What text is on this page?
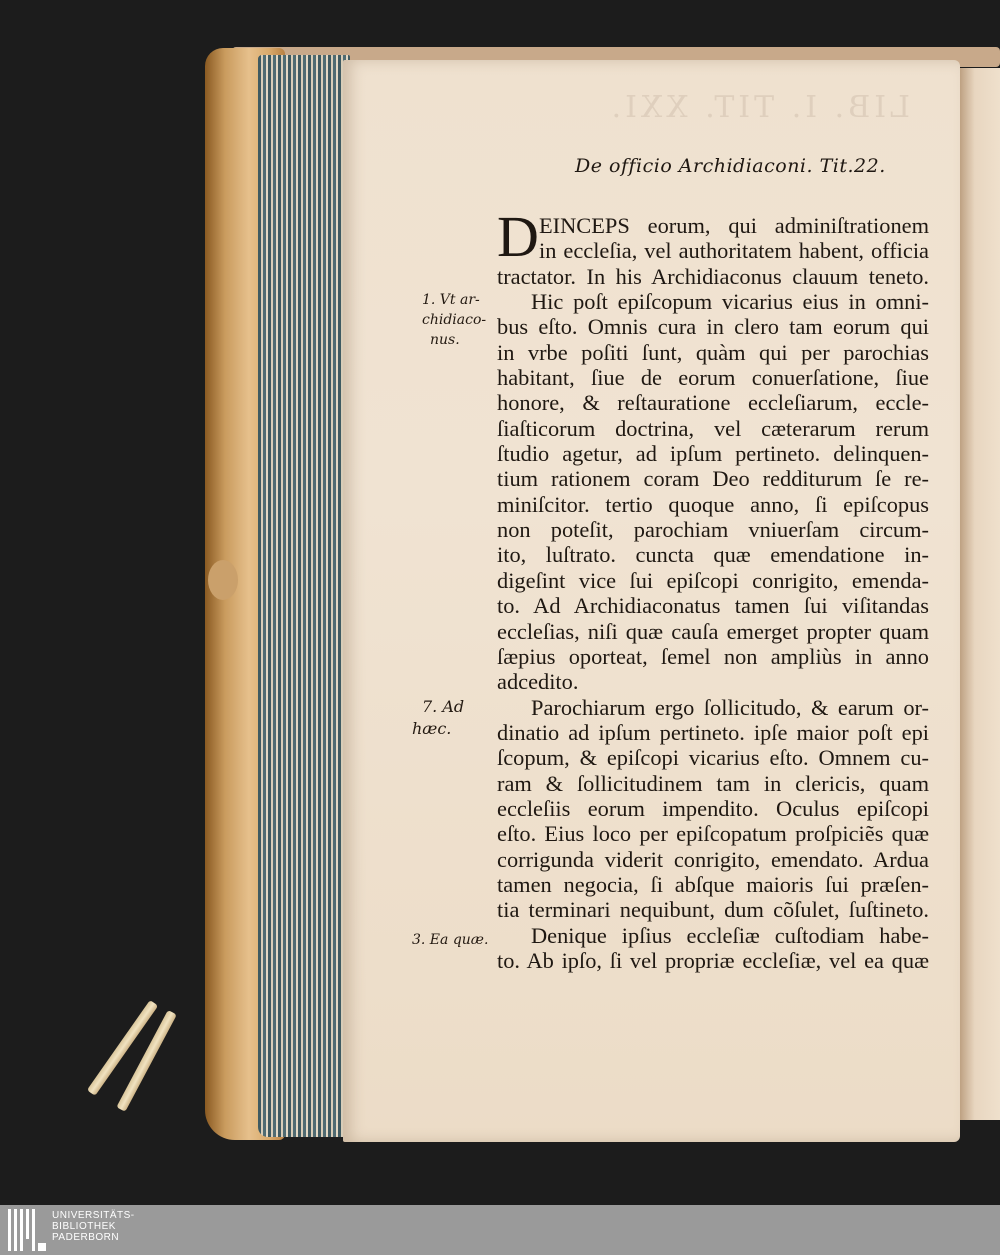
LIB. I. TIT. XXI.
De officio Archidiaconi. Tit.22.
1. Vt ar-
chidiaco-
nus.
7. Ad
hæc.
3. Ea quæ.

D EINCEPS eorum, qui adminiſtrationem
in eccleſia, vel authoritatem habent, officia
tractator. In his Archidiaconus clauum teneto.

Hic poſt epiſcopum vicarius eius in omni-
bus eſto. Omnis cura in clero tam eorum qui
in vrbe poſiti ſunt, quàm qui per parochias
habitant, ſiue de eorum conuerſatione, ſiue
honore, & reſtauratione eccleſiarum, eccle-
ſiaſticorum doctrina, vel cæterarum rerum
ſtudio agetur, ad ipſum pertineto. delinquen-
tium rationem coram Deo redditurum ſe re-
miniſcitor. tertio quoque anno, ſi epiſcopus
non poteſit, parochiam vniuerſam circum-
ito, luſtrato. cuncta quæ emendatione in-
digeſint vice ſui epiſcopi conrigito, emenda-
to. Ad Archidiaconatus tamen ſui viſitandas
eccleſias, niſi quæ cauſa emerget propter quam
ſæpius oporteat, ſemel non ampliùs in anno
adcedito.

Parochiarum ergo ſollicitudo, & earum or-
dinatio ad ipſum pertineto. ipſe maior poſt epi
ſcopum, & epiſcopi vicarius eſto. Omnem cu-
ram & ſollicitudinem tam in clericis, quam
eccleſiis eorum impendito. Oculus epiſcopi
eſto. Eius loco per epiſcopatum proſpiciẽs quæ
corrigunda viderit conrigito, emendato. Ardua
tamen negocia, ſi abſque maioris ſui præſen-
tia terminari nequibunt, dum cõſulet, ſuſtineto.

Denique ipſius eccleſiæ cuſtodiam habe-
to. Ab ipſo, ſi vel propriæ eccleſiæ, vel ea quæ

UNIVERSITÄTS-
BIBLIOTHEK
PADERBORN
